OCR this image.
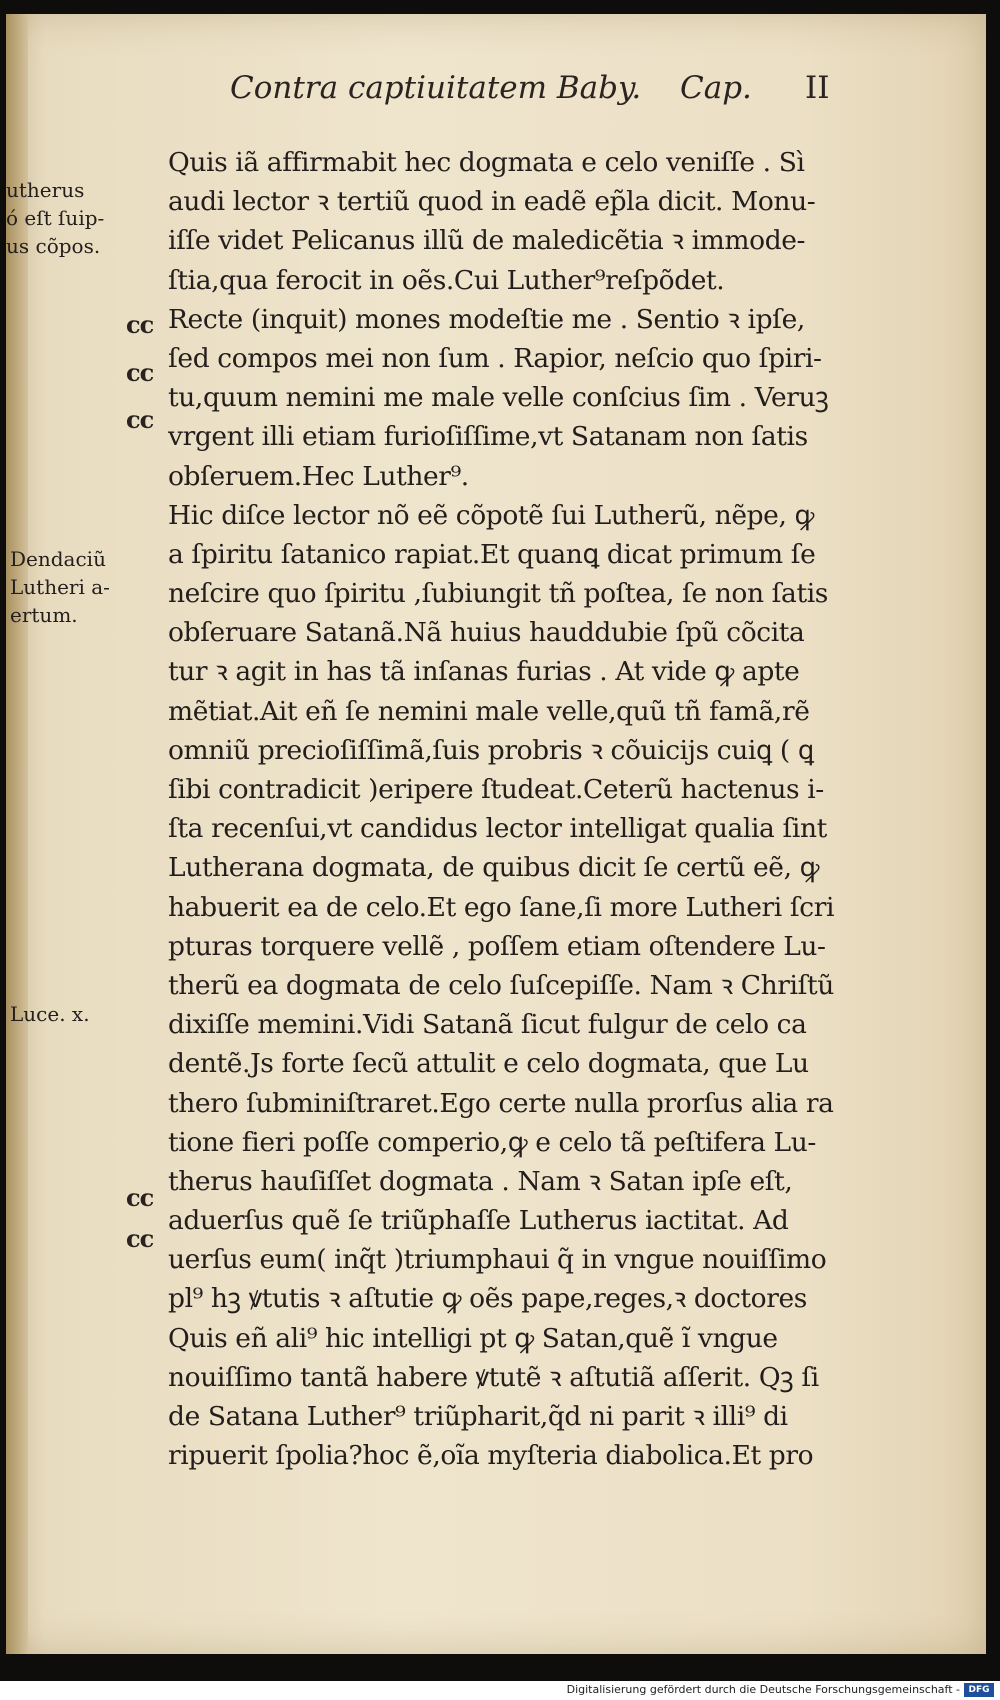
Contra captiuitatem Baby. Cap. II
Quis iã affirmabit hec dogmata e celo veniſſe . Sì
audi lector ꝛ tertiũ quod in eadẽ ep̃la dicit. Monu-
iſſe videt Pelicanus illũ de maledicẽtia ꝛ immode-
ſtia,qua ferocit in oẽs.Cui Luther⁹reſpõdet.
Recte (inquit) mones modeſtie me . Sentio ꝛ ipſe,
ſed compos mei non ſum . Rapior, neſcio quo ſpiri-
tu,quum nemini me male velle conſcius ſim . Veruꝫ
vrgent illi etiam furioſiſſime,vt Satanam non ſatis
obſeruem.Hec Luther⁹.
Hic diſce lector nõ eẽ cõpotẽ ſui Lutherũ, nẽpe, ꝙ
a ſpiritu ſatanico rapiat.Et quanꝗ dicat primum ſe
neſcire quo ſpiritu ,ſubiungit tñ poſtea, ſe non ſatis
obſeruare Satanã.Nã huius hauddubie ſpũ cõcita
tur ꝛ agit in has tã inſanas furias . At vide ꝙ apte
mẽtiat.Ait eñ ſe nemini male velle,quũ tñ famã,rẽ
omniũ precioſiſſimã,ſuis probris ꝛ cõuicijs cuiꝗ ( ꝗ
ſibi contradicit )eripere ſtudeat.Ceterũ hactenus i-
ſta recenſui,vt candidus lector intelligat qualia ſint
Lutherana dogmata, de quibus dicit ſe certũ eẽ, ꝙ
habuerit ea de celo.Et ego ſane,ſi more Lutheri ſcri
pturas torquere vellẽ , poſſem etiam oſtendere Lu-
therũ ea dogmata de celo ſuſcepiſſe. Nam ꝛ Chriſtũ
dixiſſe memini.Vidi Satanã ſicut fulgur de celo ca
dentẽ.Js forte ſecũ attulit e celo dogmata, que Lu
thero ſubminiſtraret.Ego certe nulla prorſus alia ra
tione fieri poſſe comperio,ꝙ e celo tã peſtifera Lu-
therus hauſiſſet dogmata . Nam ꝛ Satan ipſe eſt,
aduerſus quẽ ſe triũphaſſe Lutherus iactitat. Ad
uerſus eum( inq̃t )triumphaui q̃ in vngue nouiſſimo
pl⁹ hꝫ ꝟtutis ꝛ aſtutie ꝙ oẽs pape,reges,ꝛ doctores
Quis eñ ali⁹ hic intelligi pt ꝙ Satan,quẽ ĩ vngue
nouiſſimo tantã habere ꝟtutẽ ꝛ aſtutiã aſſerit. Qꝫ ſi
de Satana Luther⁹ triũpharit,q̃d ni parit ꝛ illi⁹ di
ripuerit ſpolia?hoc ẽ,oĩa myſteria diabolica.Et pro
utherus
ó eſt ſuip-
us cõpos.
Dendaciũ
Lutheri a-
ertum.
Luce. x.
cc
cc
cc
cc
cc
Digitalisierung gefördert durch die Deutsche Forschungsgemeinschaft - DFG
